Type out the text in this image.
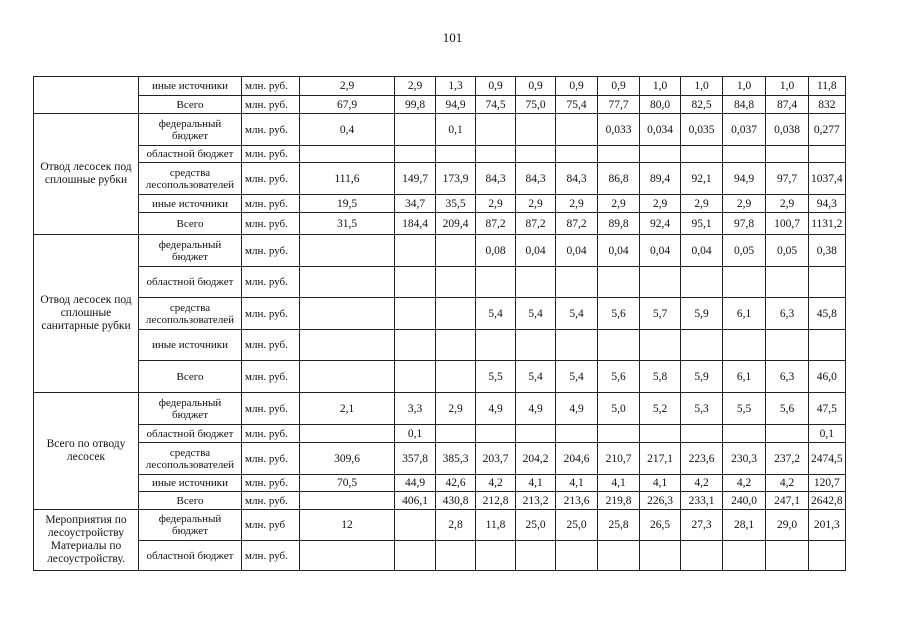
101
	иные источники	млн. руб.	2,9	2,9	1,3	0,9	0,9	0,9	0,9	1,0	1,0	1,0	1,0	11,8
	Всего	млн. руб.	67,9	99,8	94,9	74,5	75,0	75,4	77,7	80,0	82,5	84,8	87,4	832
Отвод лесосек под сплошные рубки	федеральный бюджет	млн. руб.	0,4		0,1				0,033	0,034	0,035	0,037	0,038	0,277
	областной бюджет	млн. руб.												
	средства лесопользователей	млн. руб.	111,6	149,7	173,9	84,3	84,3	84,3	86,8	89,4	92,1	94,9	97,7	1037,4
	иные источники	млн. руб.	19,5	34,7	35,5	2,9	2,9	2,9	2,9	2,9	2,9	2,9	2,9	94,3
	Всего	млн. руб.	31,5	184,4	209,4	87,2	87,2	87,2	89,8	92,4	95,1	97,8	100,7	1131,2
Отвод лесосек под сплошные санитарные рубки	федеральный бюджет	млн. руб.				0,08	0,04	0,04	0,04	0,04	0,04	0,05	0,05	0,38
	областной бюджет	млн. руб.												
	средства лесопользователей	млн. руб.				5,4	5,4	5,4	5,6	5,7	5,9	6,1	6,3	45,8
	иные источники	млн. руб.												
	Всего	млн. руб.				5,5	5,4	5,4	5,6	5,8	5,9	6,1	6,3	46,0
Всего по отводу лесосек	федеральный бюджет	млн. руб.	2,1	3,3	2,9	4,9	4,9	4,9	5,0	5,2	5,3	5,5	5,6	47,5
	областной бюджет	млн. руб.		0,1										0,1
	средства лесопользователей	млн. руб.	309,6	357,8	385,3	203,7	204,2	204,6	210,7	217,1	223,6	230,3	237,2	2474,5
	иные источники	млн. руб.	70,5	44,9	42,6	4,2	4,1	4,1	4,1	4,1	4,2	4,2	4,2	120,7
	Всего	млн. руб.		406,1	430,8	212,8	213,2	213,6	219,8	226,3	233,1	240,0	247,1	2642,8
Мероприятия по лесоустройству Материалы по лесоустройству.	федеральный бюджет	млн. руб	12		2,8	11,8	25,0	25,0	25,8	26,5	27,3	28,1	29,0	201,3
	областной бюджет	млн. руб.												
